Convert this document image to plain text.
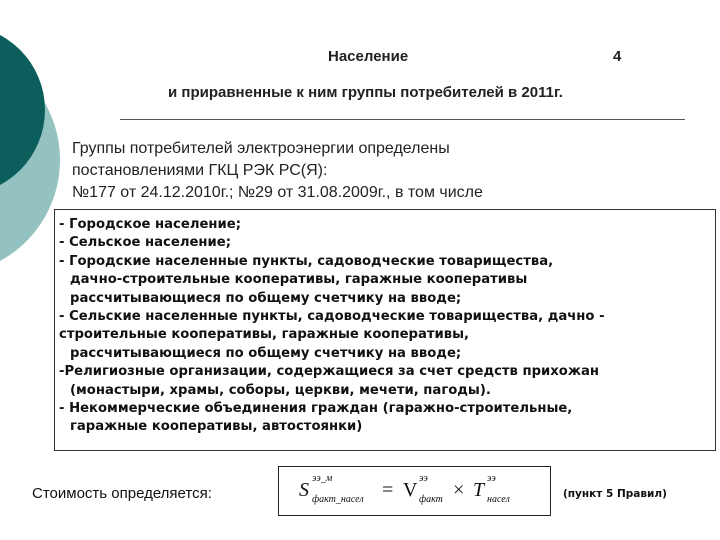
Население	4
и приравненные к ним группы потребителей в 2011г.
Группы потребителей электроэнергии определены
постановлениями ГКЦ РЭК РС(Я):
№177 от 24.12.2010г.; №29 от 31.08.2009г., в том числе
- Городское население;
- Сельское население;
- Городские населенные пункты, садоводческие товарищества,
дачно-строительные кооперативы, гаражные кооперативы
рассчитывающиеся по общему счетчику на вводе;
- Сельские населенные пункты, садоводческие товарищества, дачно -
строительные кооперативы, гаражные кооперативы,
рассчитывающиеся по общему счетчику на вводе;
-Религиозные организации, содержащиеся за счет средств прихожан
(монастыри, храмы, соборы, церкви, мечети, пагоды).
- Некоммерческие объединения граждан (гаражно-строительные,
гаражные кооперативы, автостоянки)
Стоимость определяется:	S
ээ_м
факт_насел = V
ээ
факт × T
ээ
насел	(пункт 5 Правил)
